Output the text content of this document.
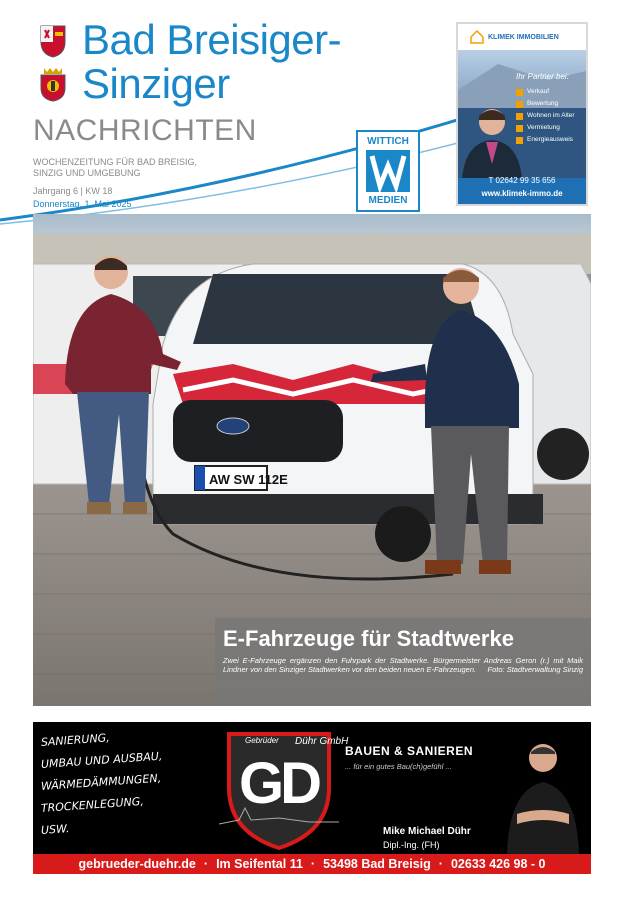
Bad Breisiger-
Sinziger
NACHRICHTEN
WOCHENZEITUNG FÜR BAD BREISIG,
SINZIG UND UMGEBUNG
Jahrgang 6 | KW 18
Donnerstag, 1. Mai 2025
WITTICH
MEDIEN
KLIMEK IMMOBILIEN
Ihr Partner bei:
Verkauf
Bewertung
Wohnen im Alter
Vermietung
Energieausweis
T 02642 99 35 656
www.klimek-immo.de
AW SW 112E
E-Fahrzeuge für Stadtwerke
Zwei E-Fahrzeuge ergänzen den Fuhrpark der Stadtwerke. Bürgermeister Andreas Geron (r.) mit Maik Lindner von den Sinziger Stadtwerken vor den beiden neuen E-Fahrzeugen.	Foto: Stadtverwaltung Sinzig
SANIERUNG,
UMBAU UND AUSBAU,
WÄRMEDÄMMUNGEN,
TROCKENLEGUNG,
USW.
Gebrüder Dühr GmbH
GD BAUEN & SANIEREN
... für ein gutes Bau(ch)gefühl ...
Mike Michael Dühr
Dipl.-Ing. (FH)
gebrueder-duehr.de · Im Seifental 11 · 53498 Bad Breisig · 02633 426 98 - 0
